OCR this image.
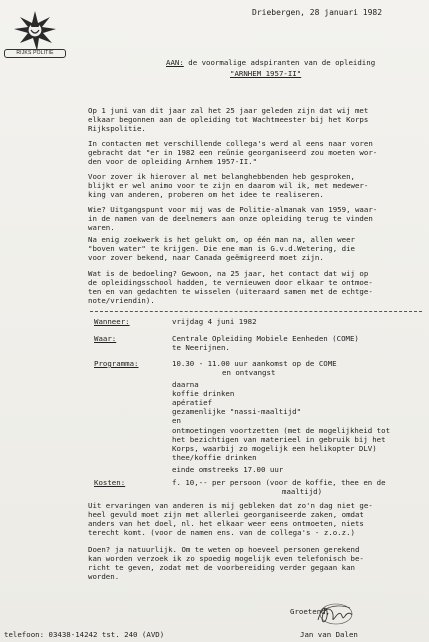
RIJKS POLITIE
Driebergen, 28 januari 1982
AAN: de voormalige adspiranten van de opleiding
"ARNHEM 1957-II"
Op 1 juni van dit jaar zal het 25 jaar geleden zijn dat wij met
elkaar begonnen aan de opleiding tot Wachtmeester bij het Korps
Rijkspolitie.
In contacten met verschillende collega's werd al eens naar voren
gebracht dat "er in 1982 een reünie georganiseerd zou moeten wor-
den voor de opleiding Arnhem 1957-II."
Voor zover ik hierover al met belanghebbenden heb gesproken,
blijkt er wel animo voor te zijn en daarom wil ik, met medewer-
king van anderen, proberen om het idee te realiseren.
Wie? Uitgangspunt voor mij was de Politie-almanak van 1959, waar-
in de namen van de deelnemers aan onze opleiding terug te vinden
waren.
Na enig zoekwerk is het gelukt om, op één man na, allen weer
"boven water" te krijgen. Die ene man is G.v.d.Wetering, die
voor zover bekend, naar Canada geëmigreerd moet zijn.
Wat is de bedoeling? Gewoon, na 25 jaar, het contact dat wij op
de opleidingsschool hadden, te vernieuwen door elkaar te ontmoe-
ten en van gedachten te wisselen (uiteraard samen met de echtge-
note/vriendin).
Wanneer:	vrijdag 4 juni 1982
Waar:	Centrale Opleiding Mobiele Eenheden (COME)
te Neerijnen.
Programma:	10.30 - 11.00 uur aankomst op de COME
en ontvangst
daarna
koffie drinken
apératief
gezamenlijke "nassi-maaltijd"
en
ontmoetingen voortzetten (met de mogelijkheid tot
het bezichtigen van materieel in gebruik bij het
Korps, waarbij zo mogelijk een helikopter DLV)
thee/koffie drinken
einde omstreeks 17.00 uur
Kosten:	f. 10,-- per persoon (voor de koffie, thee en de
maaltijd)
Uit ervaringen van anderen is mij gebleken dat zo'n dag niet ge-
heel gevuld moet zijn met allerlei georganiseerde zaken, omdat
anders van het doel, nl. het elkaar weer eens ontmoeten, niets
terecht komt. (voor de namen ens. van de collega's - z.o.z.)
Doen? ja natuurlijk. Om te weten op hoeveel personen gerekend
kan worden verzoek ik zo spoedig mogelijk even telefonisch be-
richt te geven, zodat met de voorbereiding verder gegaan kan
worden.
Groetend,
telefoon: 03438-14242 tst. 240 (AVD)	Jan van Dalen
